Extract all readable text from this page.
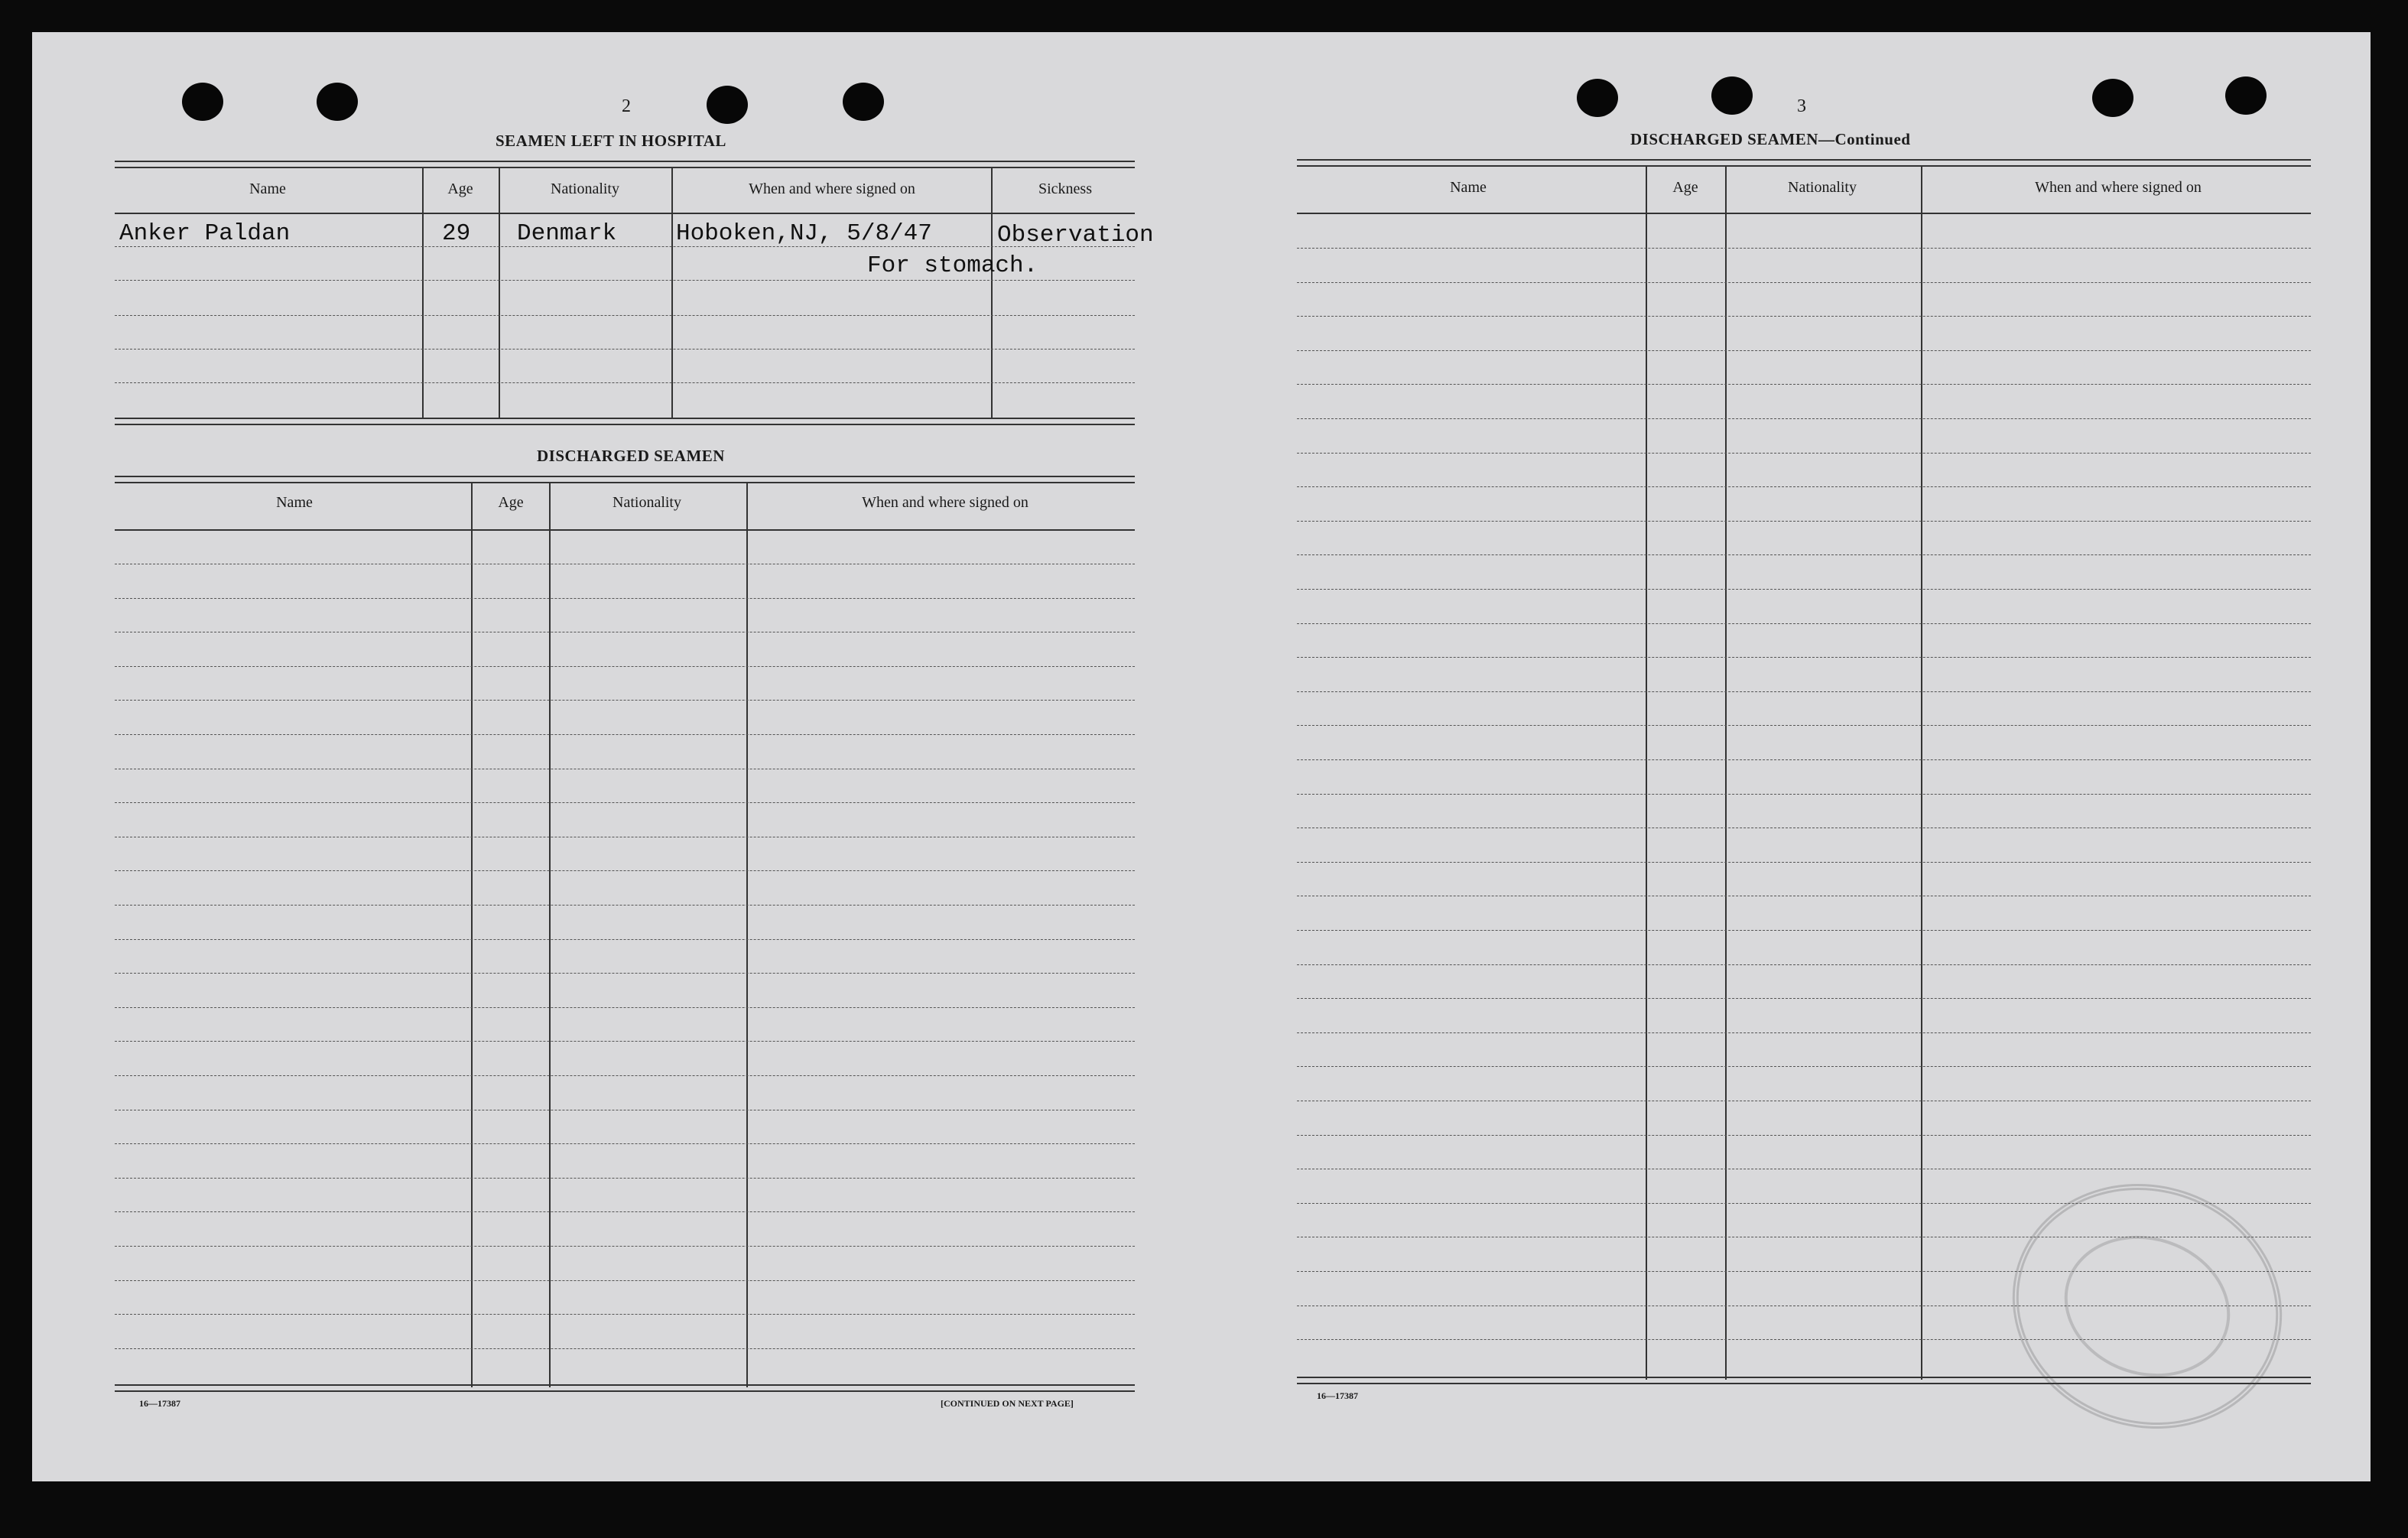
2
SEAMEN LEFT IN HOSPITAL
Name	Age	Nationality	When and where signed on	Sickness
Anker Paldan	29 Denmark	Hoboken,NJ, 5/8/47	Observation
For stomach.
DISCHARGED SEAMEN
Name	Age	Nationality	When and where signed on
16—17387	[CONTINUED ON NEXT PAGE]
3
DISCHARGED SEAMEN—Continued
Name	Age	Nationality	When and where signed on
16—17387
